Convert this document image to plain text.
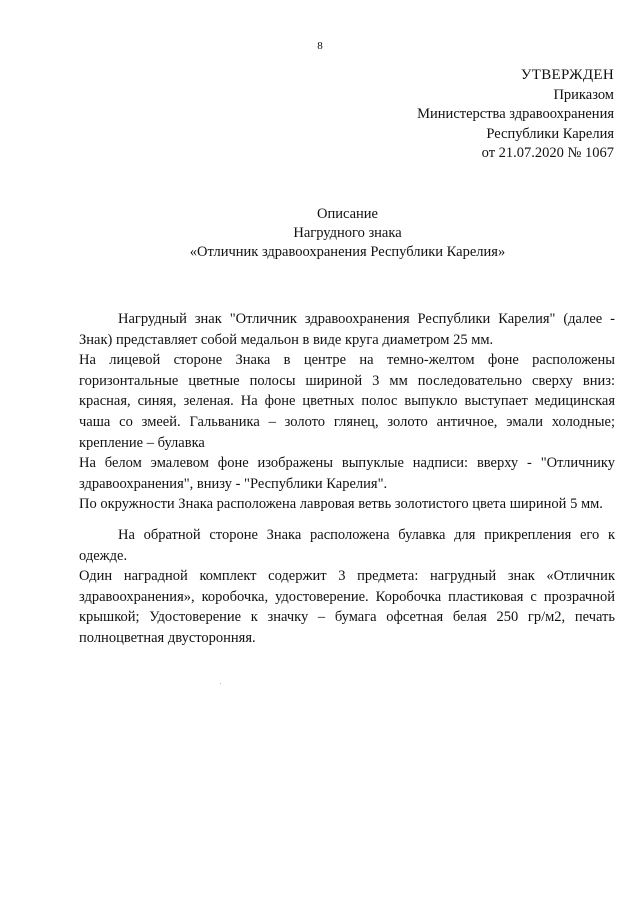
8
УТВЕРЖДЕН
Приказом
Министерства здравоохранения
Республики Карелия
от 21.07.2020 № 1067
Описание
Нагрудного знака
«Отличник здравоохранения Республики Карелия»

Нагрудный знак "Отличник здравоохранения Республики Карелия" (далее - Знак) представляет собой медальон в виде круга диаметром 25 мм.

На лицевой стороне Знака в центре на темно-желтом фоне расположены горизонтальные цветные полосы шириной 3 мм последовательно сверху вниз: красная, синяя, зеленая. На фоне цветных полос выпукло выступает медицинская чаша со змеей. Гальваника – золото глянец, золото античное, эмали холодные; крепление – булавка

На белом эмалевом фоне изображены выпуклые надписи: вверху - "Отличнику здравоохранения", внизу - "Республики Карелия".

По окружности Знака расположена лавровая ветвь золотистого цвета шириной 5 мм.

На обратной стороне Знака расположена булавка для прикрепления его к одежде.

Один наградной комплект содержит 3 предмета: нагрудный знак «Отличник здравоохранения», коробочка, удостоверение. Коробочка пластиковая с прозрачной крышкой; Удостоверение к значку – бумага офсетная белая 250 гр/м2, печать полноцветная двусторонняя.
